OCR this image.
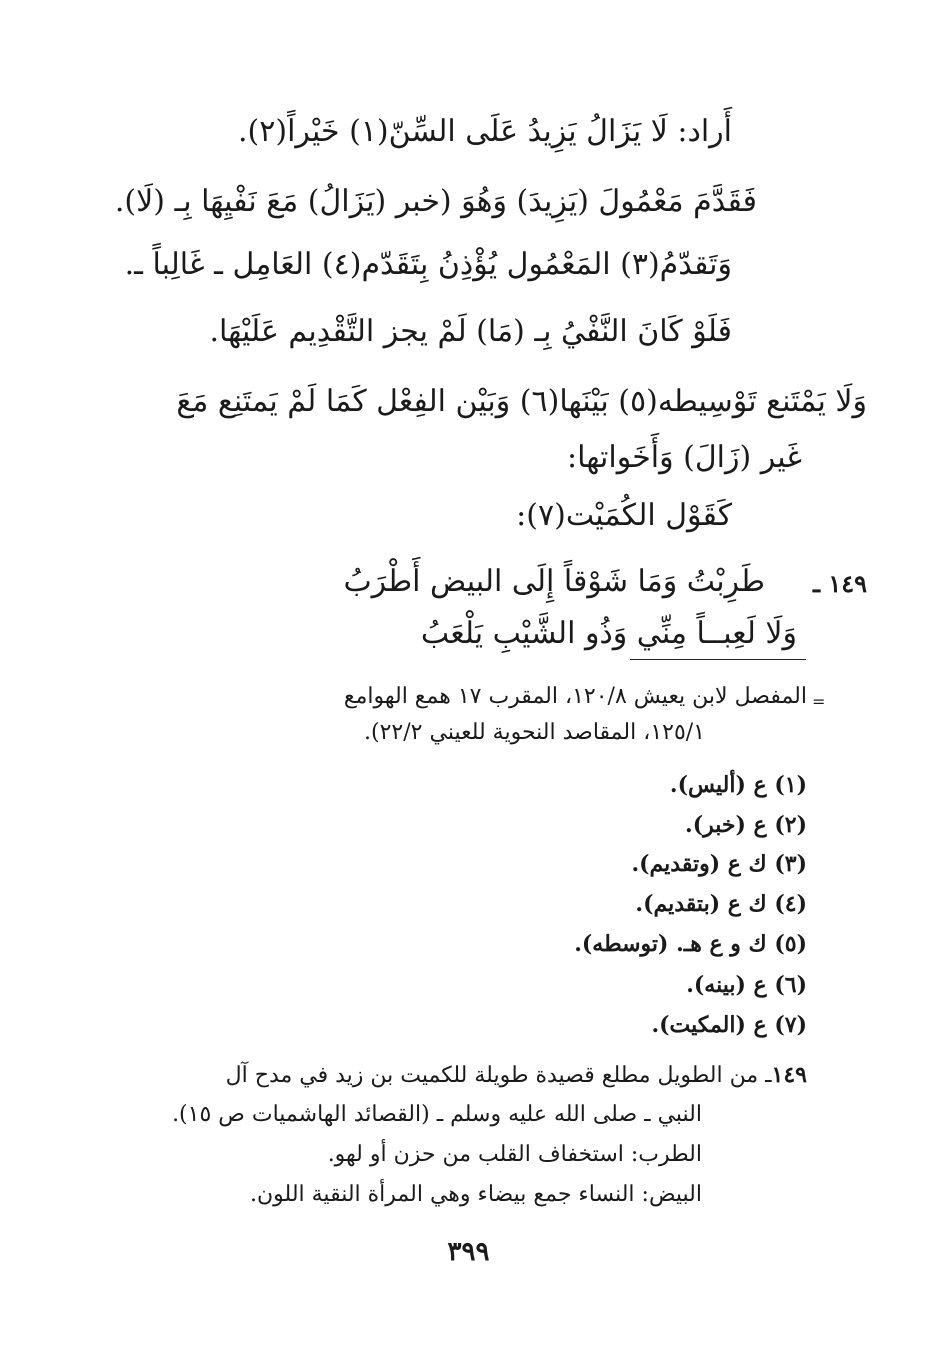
أَراد: لَا يَزَالُ يَزِيدُ عَلَى السِّنّ(١) خَيْراً(٢).
فَقَدَّمَ مَعْمُولَ (يَزِيدَ) وَهُوَ (خبر (يَزَالُ) مَعَ نَفْيِهَا بِـ (لَا).
وَتَقدّمُ(٣) المَعْمُول يُؤْذِنُ بِتَقَدّم(٤) العَامِل ـ غَالِباً ـ.
فَلَوْ كَانَ النَّفْيُ بِـ (مَا) لَمْ يجز التَّقْدِيم عَلَيْهَا.
وَلَا يَمْتَنع تَوْسِيطه(٥) بَيْنَها(٦) وَبَيْن الفِعْل كَمَا لَمْ يَمتَنِع مَعَ
غَير (زَالَ) وَأَخَواتها:
كَقَوْل الكُمَيْت(٧):
١٤٩ ـ
طَرِبْتُ وَمَا شَوْقاً إِلَى البيض أَطْرَبُ
وَلَا لَعِبــاً مِنِّي وَذُو الشَّيْبِ يَلْعَبُ
=
المفصل لابن يعيش ١٢٠/٨، المقرب ١٧ همع الهوامع
١٢٥/١، المقاصد النحوية للعيني ٢٢/٢).
(١) ع (أليس).
(٢) ع (خبر).
(٣) ك ع (وتقديم).
(٤) ك ع (بتقديم).
(٥) ك و ع هـ. (توسطه).
(٦) ع (بينه).
(٧) ع (المكيت).
١٤٩ـ من الطويل مطلع قصيدة طويلة للكميت بن زيد في مدح آل
النبي ـ صلى الله عليه وسلم ـ (القصائد الهاشميات ص ١٥).
الطرب: استخفاف القلب من حزن أو لهو.
البيض: النساء جمع بيضاء وهي المرأة النقية اللون.
٣٩٩
